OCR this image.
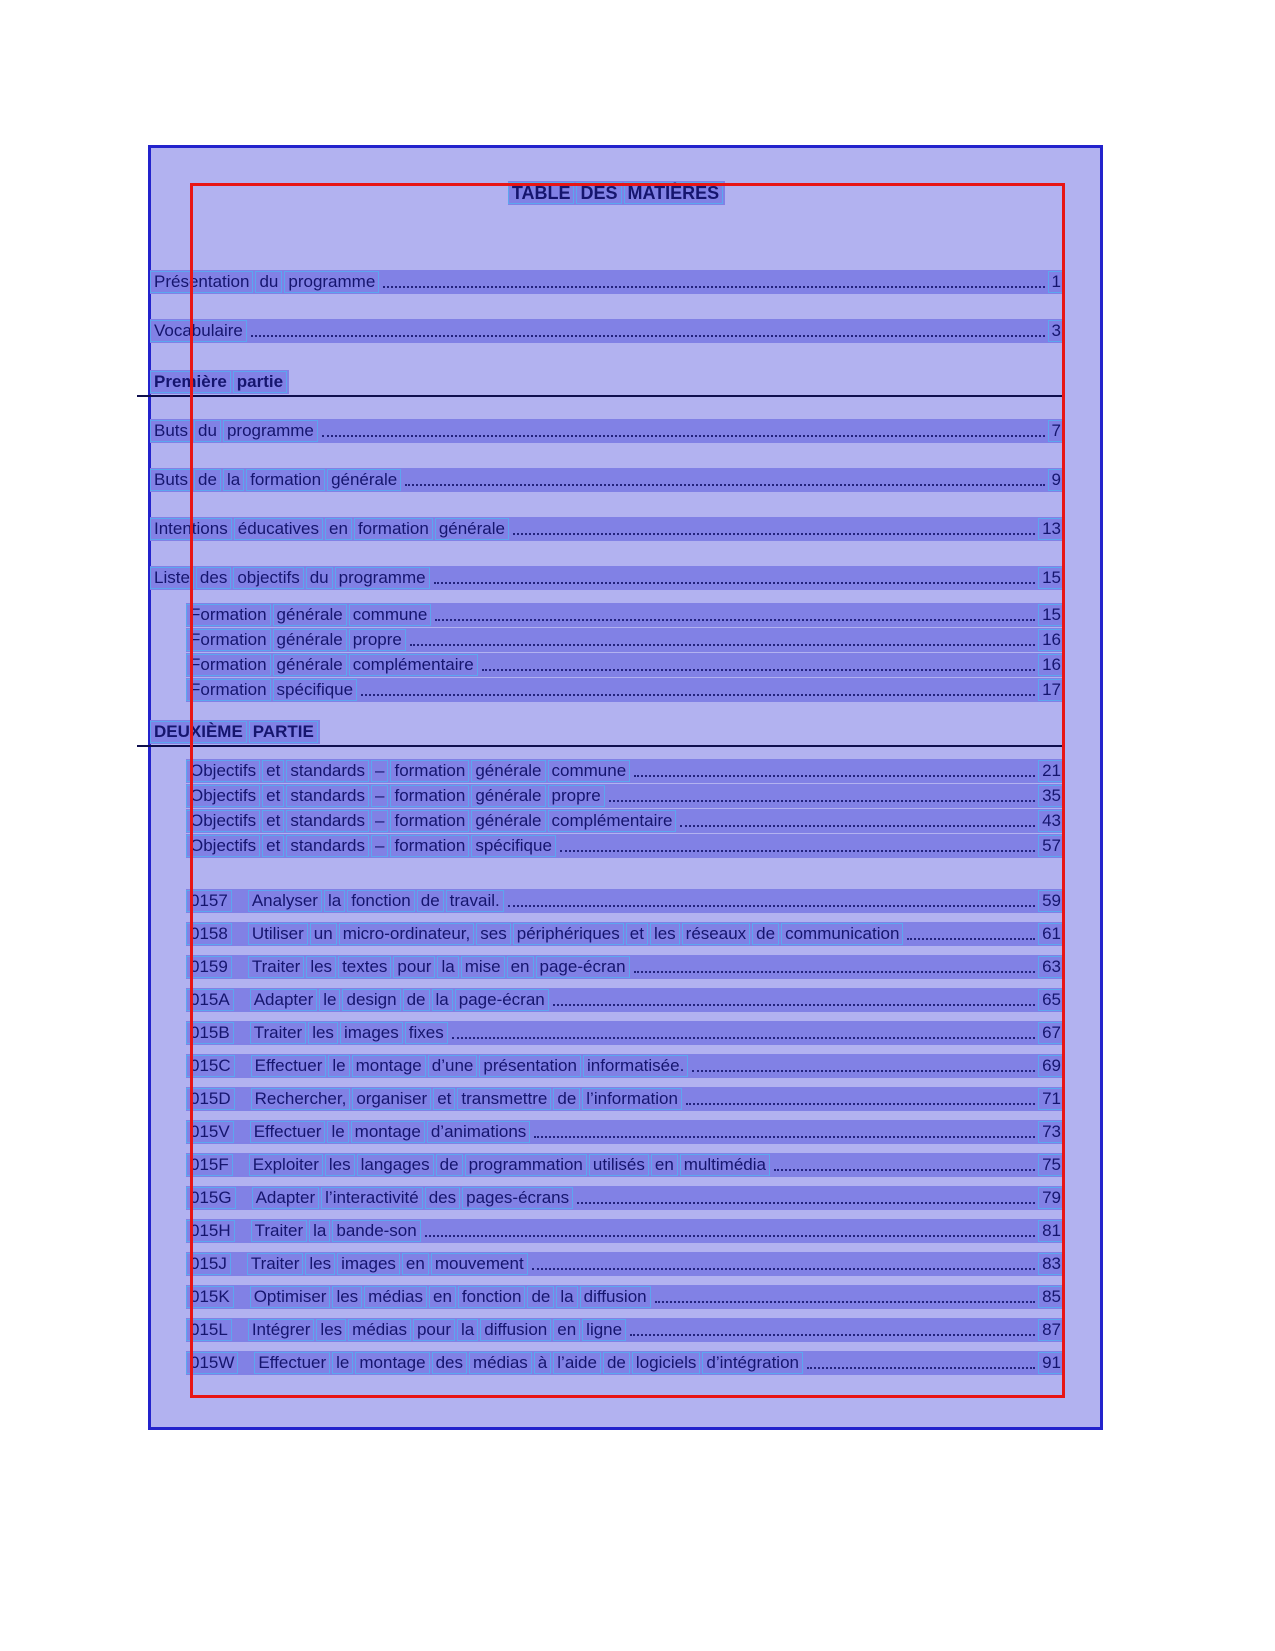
TABLE DES MATIÈRES
Présentation du programme	1
Vocabulaire	3
Première partie
Buts du programme	7
Buts de la formation générale	9
Intentions éducatives en formation générale	13
Liste des objectifs du programme	15
Formation générale commune	15
Formation générale propre	16
Formation générale complémentaire	16
Formation spécifique	17
DEUXIÈME PARTIE
Objectifs et standards – formation générale commune	21
Objectifs et standards – formation générale propre	35
Objectifs et standards – formation générale complémentaire	43
Objectifs et standards – formation spécifique	57
0157 Analyser la fonction de travail.	59
0158 Utiliser un micro-ordinateur, ses périphériques et les réseaux de communication	61
0159 Traiter les textes pour la mise en page-écran	63
015A Adapter le design de la page-écran	65
015B Traiter les images fixes	67
015C Effectuer le montage d’une présentation informatisée.	69
015D Rechercher, organiser et transmettre de l’information	71
015V Effectuer le montage d’animations	73
015F Exploiter les langages de programmation utilisés en multimédia	75
015G Adapter l’interactivité des pages-écrans	79
015H Traiter la bande-son	81
015J Traiter les images en mouvement	83
015K Optimiser les médias en fonction de la diffusion	85
015L Intégrer les médias pour la diffusion en ligne	87
015W Effectuer le montage des médias à l’aide de logiciels d’intégration	91
